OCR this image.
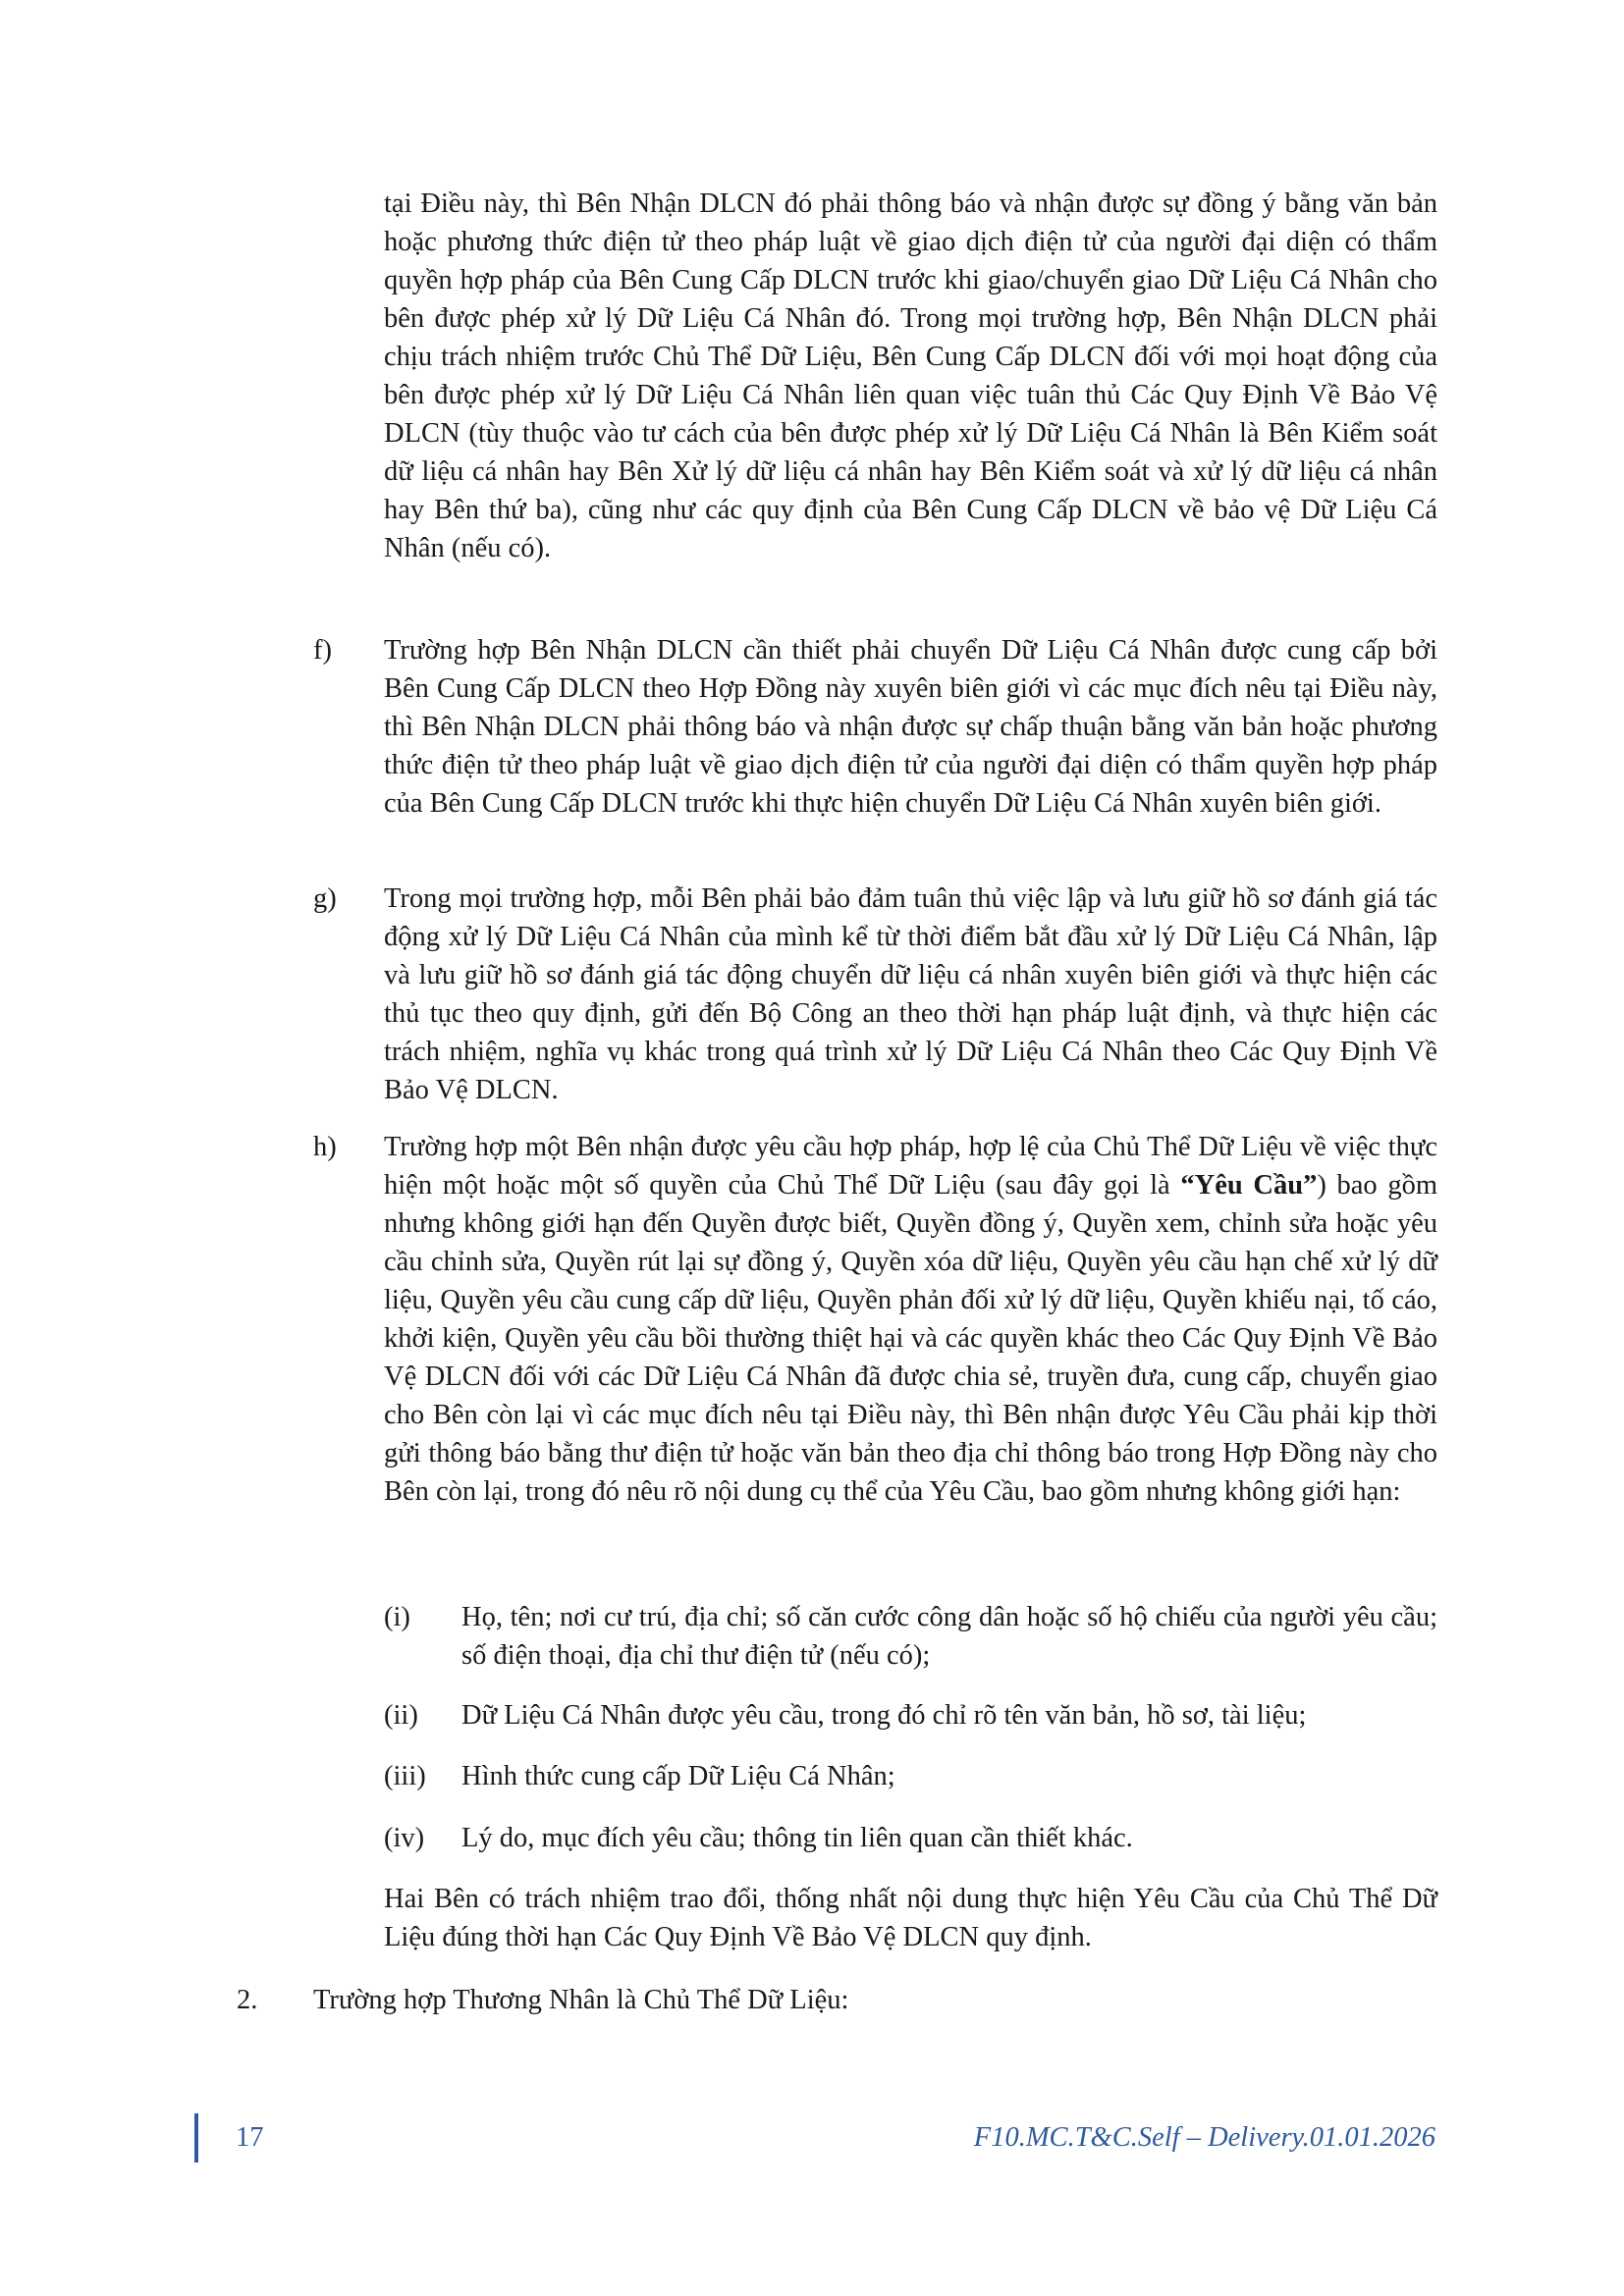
tại Điều này, thì Bên Nhận DLCN đó phải thông báo và nhận được sự đồng ý bằng văn bản hoặc phương thức điện tử theo pháp luật về giao dịch điện tử của người đại diện có thẩm quyền hợp pháp của Bên Cung Cấp DLCN trước khi giao/chuyển giao Dữ Liệu Cá Nhân cho bên được phép xử lý Dữ Liệu Cá Nhân đó. Trong mọi trường hợp, Bên Nhận DLCN phải chịu trách nhiệm trước Chủ Thể Dữ Liệu, Bên Cung Cấp DLCN đối với mọi hoạt động của bên được phép xử lý Dữ Liệu Cá Nhân liên quan việc tuân thủ Các Quy Định Về Bảo Vệ DLCN (tùy thuộc vào tư cách của bên được phép xử lý Dữ Liệu Cá Nhân là Bên Kiểm soát dữ liệu cá nhân hay Bên Xử lý dữ liệu cá nhân hay Bên Kiểm soát và xử lý dữ liệu cá nhân hay Bên thứ ba), cũng như các quy định của Bên Cung Cấp DLCN về bảo vệ Dữ Liệu Cá Nhân (nếu có).

f) Trường hợp Bên Nhận DLCN cần thiết phải chuyển Dữ Liệu Cá Nhân được cung cấp bởi Bên Cung Cấp DLCN theo Hợp Đồng này xuyên biên giới vì các mục đích nêu tại Điều này, thì Bên Nhận DLCN phải thông báo và nhận được sự chấp thuận bằng văn bản hoặc phương thức điện tử theo pháp luật về giao dịch điện tử của người đại diện có thẩm quyền hợp pháp của Bên Cung Cấp DLCN trước khi thực hiện chuyển Dữ Liệu Cá Nhân xuyên biên giới.

g) Trong mọi trường hợp, mỗi Bên phải bảo đảm tuân thủ việc lập và lưu giữ hồ sơ đánh giá tác động xử lý Dữ Liệu Cá Nhân của mình kể từ thời điểm bắt đầu xử lý Dữ Liệu Cá Nhân, lập và lưu giữ hồ sơ đánh giá tác động chuyển dữ liệu cá nhân xuyên biên giới và thực hiện các thủ tục theo quy định, gửi đến Bộ Công an theo thời hạn pháp luật định, và thực hiện các trách nhiệm, nghĩa vụ khác trong quá trình xử lý Dữ Liệu Cá Nhân theo Các Quy Định Về Bảo Vệ DLCN.

h) Trường hợp một Bên nhận được yêu cầu hợp pháp, hợp lệ của Chủ Thể Dữ Liệu về việc thực hiện một hoặc một số quyền của Chủ Thể Dữ Liệu (sau đây gọi là “Yêu Cầu”) bao gồm nhưng không giới hạn đến Quyền được biết, Quyền đồng ý, Quyền xem, chỉnh sửa hoặc yêu cầu chỉnh sửa, Quyền rút lại sự đồng ý, Quyền xóa dữ liệu, Quyền yêu cầu hạn chế xử lý dữ liệu, Quyền yêu cầu cung cấp dữ liệu, Quyền phản đối xử lý dữ liệu, Quyền khiếu nại, tố cáo, khởi kiện, Quyền yêu cầu bồi thường thiệt hại và các quyền khác theo Các Quy Định Về Bảo Vệ DLCN đối với các Dữ Liệu Cá Nhân đã được chia sẻ, truyền đưa, cung cấp, chuyển giao cho Bên còn lại vì các mục đích nêu tại Điều này, thì Bên nhận được Yêu Cầu phải kịp thời gửi thông báo bằng thư điện tử hoặc văn bản theo địa chỉ thông báo trong Hợp Đồng này cho Bên còn lại, trong đó nêu rõ nội dung cụ thể của Yêu Cầu, bao gồm nhưng không giới hạn:

(i) Họ, tên; nơi cư trú, địa chỉ; số căn cước công dân hoặc số hộ chiếu của người yêu cầu; số điện thoại, địa chỉ thư điện tử (nếu có);

(ii) Dữ Liệu Cá Nhân được yêu cầu, trong đó chỉ rõ tên văn bản, hồ sơ, tài liệu;

(iii) Hình thức cung cấp Dữ Liệu Cá Nhân;

(iv) Lý do, mục đích yêu cầu; thông tin liên quan cần thiết khác.

Hai Bên có trách nhiệm trao đổi, thống nhất nội dung thực hiện Yêu Cầu của Chủ Thể Dữ Liệu đúng thời hạn Các Quy Định Về Bảo Vệ DLCN quy định.

2. Trường hợp Thương Nhân là Chủ Thể Dữ Liệu:

17	F10.MC.T&C.Self – Delivery.01.01.2026
